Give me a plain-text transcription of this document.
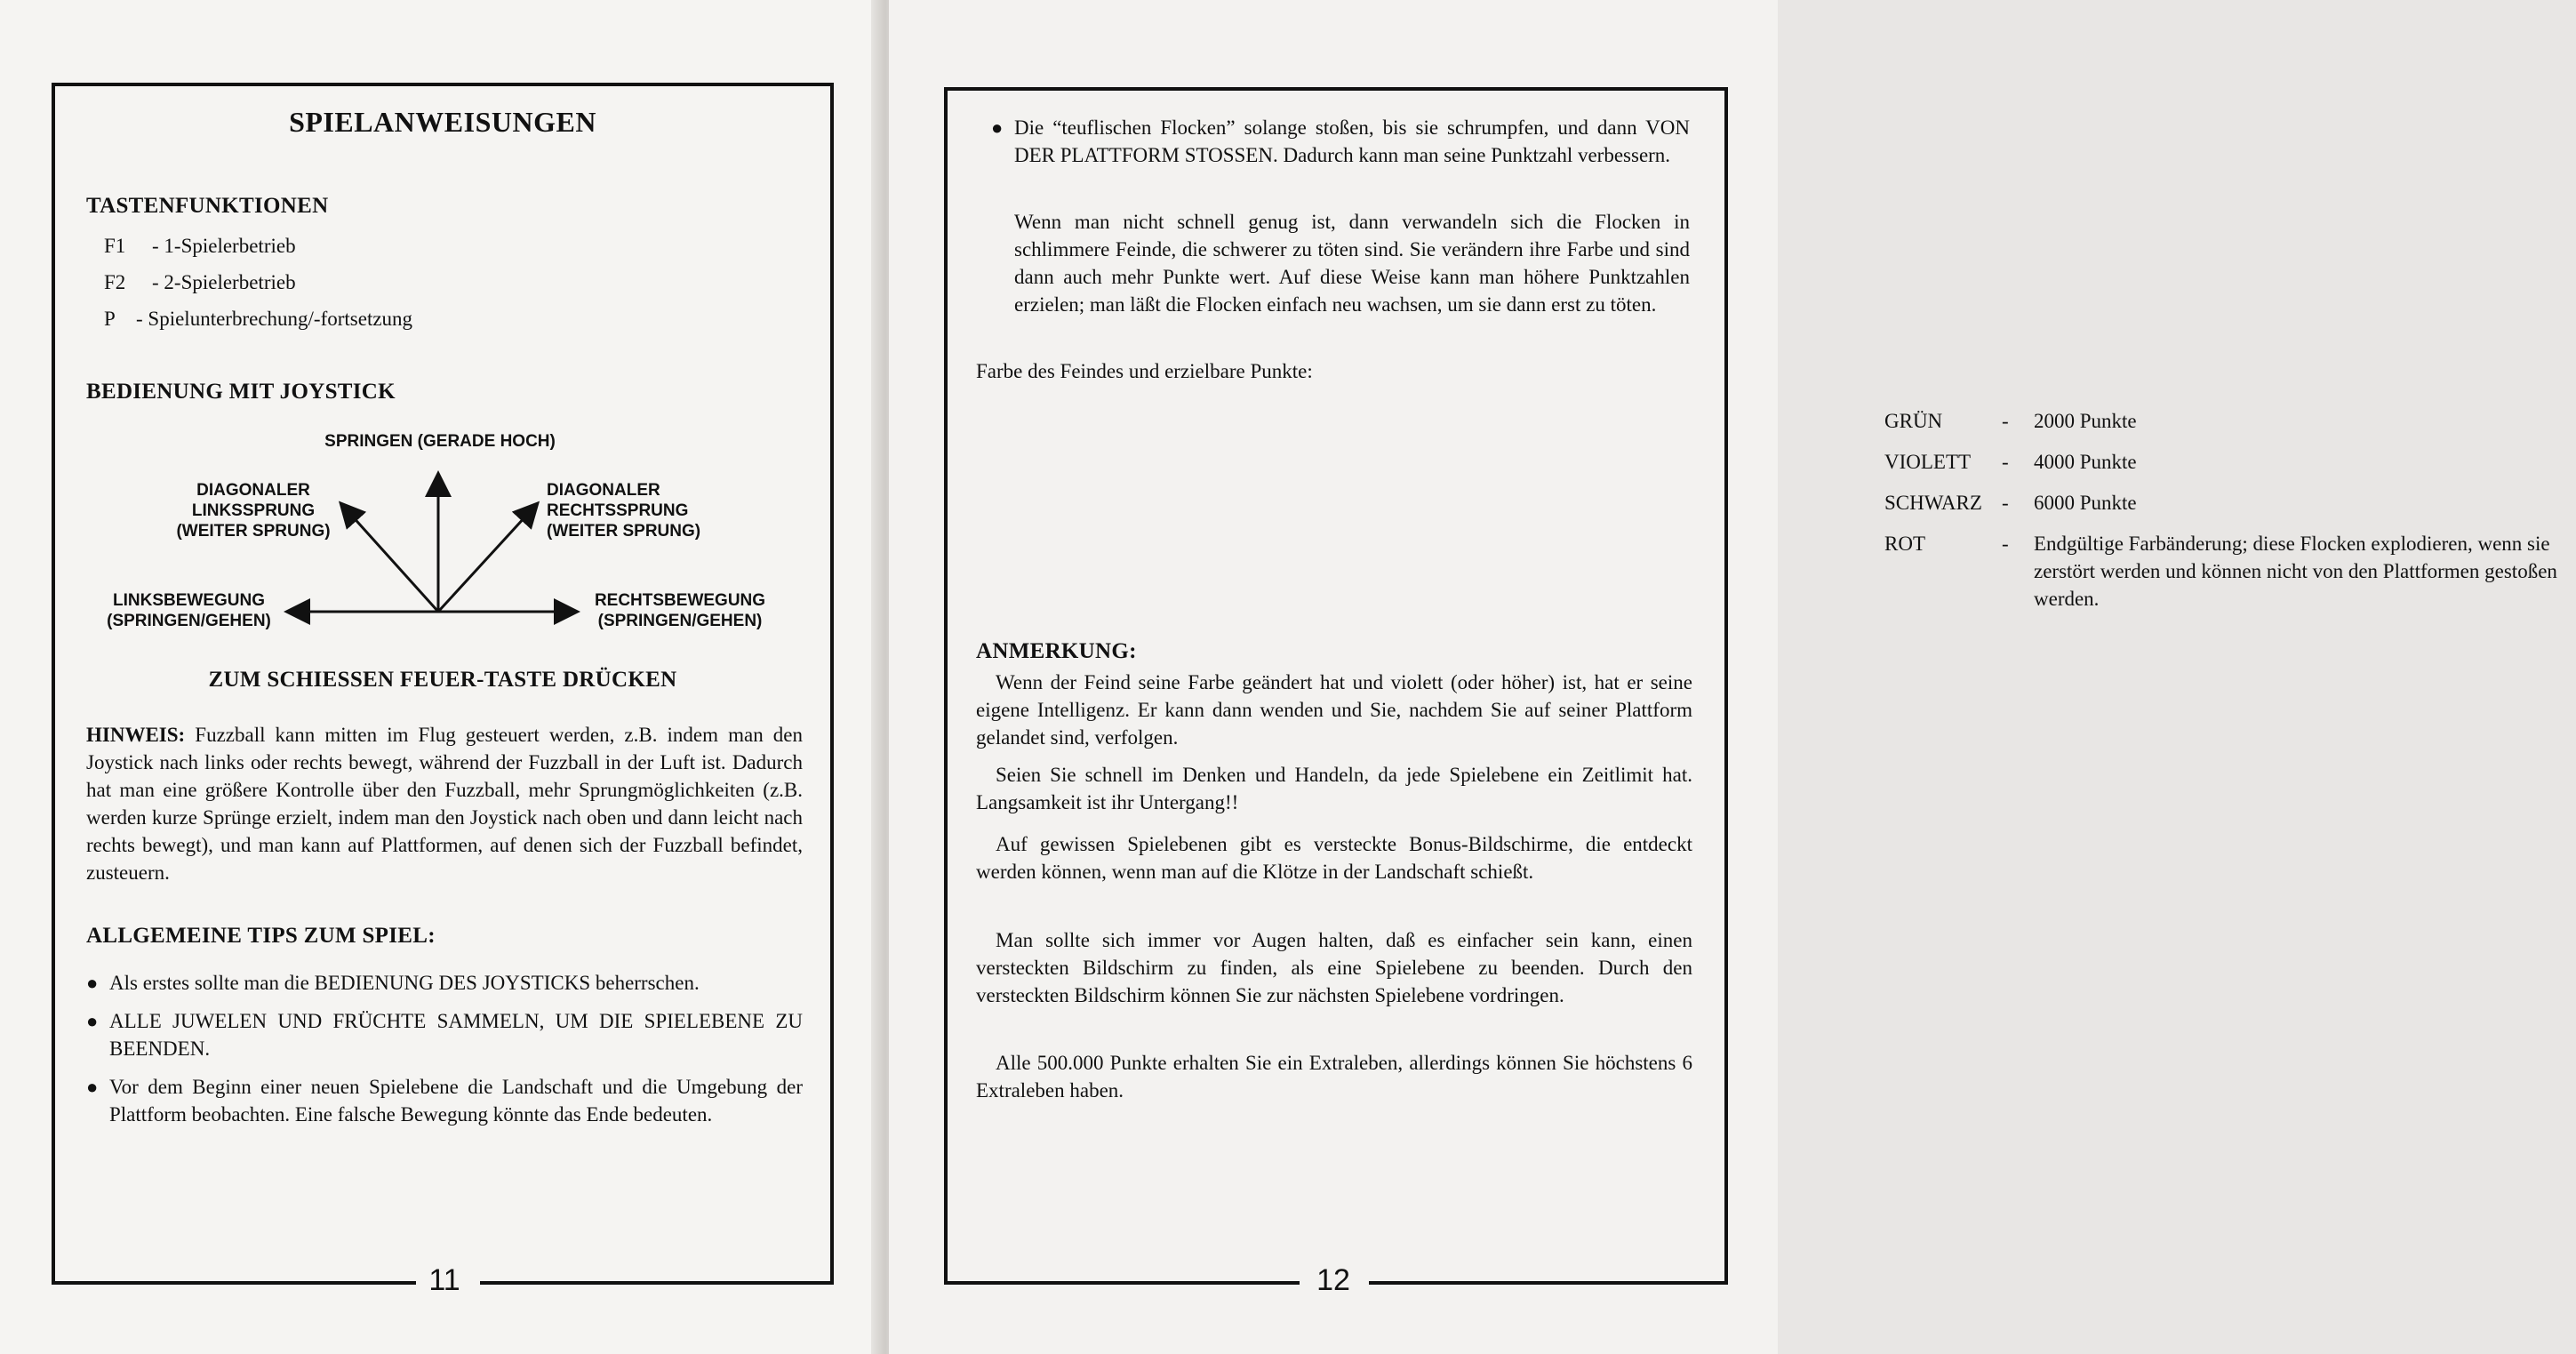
SPIELANWEISUNGEN
TASTENFUNKTIONEN
F1	- 1-Spielerbetrieb
F2	- 2-Spielerbetrieb
P	- Spielunterbrechung/-fortsetzung
BEDIENUNG MIT JOYSTICK
SPRINGEN (GERADE HOCH)
DIAGONALER
LINKSSPRUNG
(WEITER SPRUNG)
DIAGONALER
RECHTSSPRUNG
(WEITER SPRUNG)
LINKSBEWEGUNG
(SPRINGEN/GEHEN)
RECHTSBEWEGUNG
(SPRINGEN/GEHEN)
ZUM SCHIESSEN FEUER-TASTE DRÜCKEN

HINWEIS: Fuzzball kann mitten im Flug gesteuert werden, z.B. indem man den Joystick nach links oder rechts bewegt, während der Fuzzball in der Luft ist. Dadurch hat man eine größere Kontrolle über den Fuzzball, mehr Sprungmöglichkeiten (z.B. werden kurze Sprünge erzielt, indem man den Joystick nach oben und dann leicht nach rechts bewegt), und man kann auf Plattformen, auf denen sich der Fuzzball befindet, zusteuern.

ALLGEMEINE TIPS ZUM SPIEL:
● Als erstes sollte man die BEDIENUNG DES JOYSTICKS beherrschen.
● ALLE JUWELEN UND FRÜCHTE SAMMELN, UM DIE SPIELEBENE ZU BEENDEN.
● Vor dem Beginn einer neuen Spielebene die Landschaft und die Umgebung der Plattform beobachten. Eine falsche Bewegung könnte das Ende bedeuten.
11
● Die “teuflischen Flocken” solange stoßen, bis sie schrumpfen, und dann VON DER PLATTFORM STOSSEN. Dadurch kann man seine Punktzahl verbessern.

Wenn man nicht schnell genug ist, dann verwandeln sich die Flocken in schlimmere Feinde, die schwerer zu töten sind. Sie verändern ihre Farbe und sind dann auch mehr Punkte wert. Auf diese Weise kann man höhere Punktzahlen erzielen; man läßt die Flocken einfach neu wachsen, um sie dann erst zu töten.

Farbe des Feindes und erzielbare Punkte:

GRÜN	-	2000 Punkte
VIOLETT	-	4000 Punkte
SCHWARZ -	6000 Punkte
ROT	-	Endgültige Farbänderung; diese Flocken explodieren, wenn sie zerstört werden und können nicht von den Plattformen gestoßen werden.
ANMERKUNG:

Wenn der Feind seine Farbe geändert hat und violett (oder höher) ist, hat er seine eigene Intelligenz. Er kann dann wenden und Sie, nachdem Sie auf seiner Plattform gelandet sind, verfolgen.

Seien Sie schnell im Denken und Handeln, da jede Spielebene ein Zeitlimit hat. Langsamkeit ist ihr Untergang!!

Auf gewissen Spielebenen gibt es versteckte Bonus-Bildschirme, die entdeckt werden können, wenn man auf die Klötze in der Landschaft schießt.

Man sollte sich immer vor Augen halten, daß es einfacher sein kann, einen versteckten Bildschirm zu finden, als eine Spielebene zu beenden. Durch den versteckten Bildschirm können Sie zur nächsten Spielebene vordringen.

Alle 500.000 Punkte erhalten Sie ein Extraleben, allerdings können Sie höchstens 6 Extraleben haben.

12
